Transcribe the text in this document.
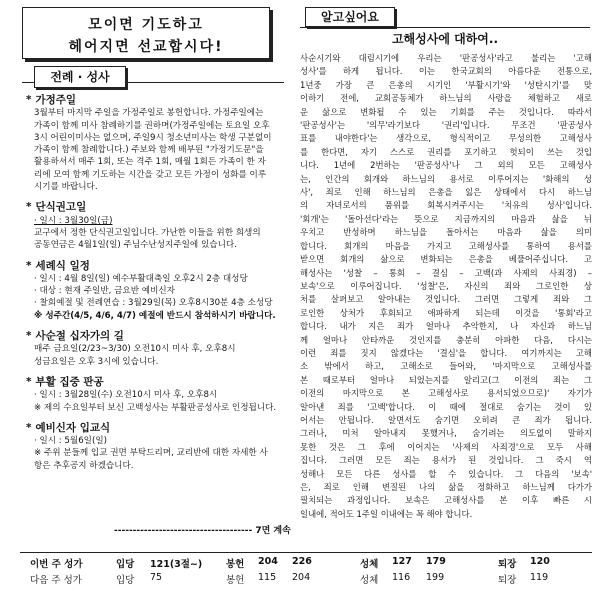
모이면 기도하고
헤어지면 선교합시다!
전례 · 성사
* 가정주일
3월부터 마지막 주일을 가정주일로 봉헌합니다. 가정주일에는
가족이 함께 미사 참례하기를 권하며(가정주일에는 토요일 오후
3시 어린이미사는 없으며, 주일9시 청소년미사는 학생 구분없이
가족이 함께 참례합니다.) 주보와 함께 배부된 "가정기도문"을
활용하셔서 매주 1회, 또는 격주 1회, 매월 1회든 가족이 한 자
리에 모여 함께 기도하는 시간을 갖고 모든 가정이 성화를 이루
시기를 바랍니다.
* 단식권고일
· 일시 : 3월30일(금)
교구에서 정한 단식권고일입니다. 가난한 이들을 위한 희생의
공동연금은 4월1일(일) 주님수난성지주일에 있습니다.
* 세례식 일정
· 일시 : 4월 8일(일) 예수부활대축일 오후2시 2층 대성당
· 대상 : 현재 주일반, 금요반 예비신자
· 찰회예절 및 전례연습 : 3월29일(목) 오후8시30분 4층 소성당
※ 성주간(4/5, 4/6, 4/7) 예절에 반드시 참석하시기 바랍니다.
* 사순절 십자가의 길
매주 금요일(2/23~3/30) 오전10시 미사 후, 오후8시
성금요일은 오후 3시에 있습니다.
* 부활 집중 판공
· 일시 : 3월28일(수) 오전10시 미사 후, 오후8시
※ 제의 수요일부터 보신 고백성사는 부활판공성사로 인정됩니다.
* 예비신자 입교식
· 일시 : 5월6일(일)
※ 주위 분들께 입교 권면 부탁드리며, 교리반에 대한 자세한 사
항은 추후공지 하겠습니다.
------------------------------------- 7면 계속
알고싶어요
고해성사에 대하여..
사순시기와 대림시기에 우리는 '판공성사'라고 불리는 '고해
성사'를 하게 됩니다. 이는 한국교회의 아름다운 전통으로,
1년중 가장 큰 은총의 시기인 '부활시기'와 '성탄시기'를 맞
이하기 전에, 교회공동체가 하느님의 사랑을 체험하고 새로
운 삶으로 변화될 수 있는 기회를 주는 것입니다. 따라서
'판공성사'는 '의무'라기보다 '권리'입니다. 무조건 '판공성사
표를 내야한다'는 생각으로, 형식적이고 무성의한 고해성사
를 한다면, 자기 스스로 권리를 포기하고 헛되이 쓰는 것입
니다. 1년에 2번하는 '판공성사'나 그 외의 모든 고해성사
는, 인간의 회개와 하느님의 용서로 이루어지는 '화해의 성
사', 죄로 인해 하느님의 은총을 잃은 상태에서 다시 하느님
의 자녀로서의 품위를 회복시켜주시는 '치유의 성사'입니다.
'회개'는 '돌아선다'라는 뜻으로 지금까지의 마음과 삶을 뉘
우치고 반성하며 하느님을 돌아서는 마음과 삶을 의미
합니다. 회개의 마음을 가지고 고해성사를 통하여 용서를
받으면 회개의 삶으로 변화되는 은총을 베풀어주십니다. 고
해성사는 '성찰 – 통회 – 결심 – 고백(과 사제의 사죄경) –
보속'으로 이루어집니다. '성찰'은, 자신의 죄와 그로인한 상
처를 살펴보고 알아내는 것입니다. 그러면 그렇게 죄와 그
로인한 상처가 후회되고 애파하게 되는데 이것을 '통회'라고
합니다. 내가 지은 죄가 얼마나 추악한지, 나 자신과 하느님
께 얼마나 안타까운 것인지를 충분히 아파한 다음, 다시는
이런 죄를 짓지 않겠다는 '결심'을 합니다. 여기까지는 고해
소 밖에서 하고, 고해소로 들어와, '마지막으로 고해성사를
본 때로부터 얼마나 되었는지를 알리고(그 이전의 죄는 그
이전의 마지막으로 본 고해성사로 용서되었으므로)' 자기가
알아낸 죄를 '고백'합니다. 이 때에 절대로 숨기는 것이 있
어서는 안됩니다. 알면서도 숨기면 오히려 큰 죄가 됩니다.
그러나, 미처 알아내지 못했거나, 숨기려는 의도없이 말하지
못한 것은 그 후에 이어지는 '사제의 사죄경'으로 모두 사해
집니다. 그러면 모든 죄는 용서가 된 것입니다. 그 죽시 역
성해나 모든 다른 성사를 할 수 있습니다. 그 다음의 '보속'
은, 죄로 인해 변질된 나의 삶을 정화하고 하느님께 다가가
필치되는 과정입니다. 보속은 고해성사를 본 이후 빠른 시
일내에, 적어도 1주일 이내에는 꼭 해야 합니다.
이번 주 성가	입당 121(3절~) 봉헌 204 226	성체 127 179	퇴장 120
다음 주 성가	입당 75	봉헌 115 204	성체 116 199	퇴장 119
